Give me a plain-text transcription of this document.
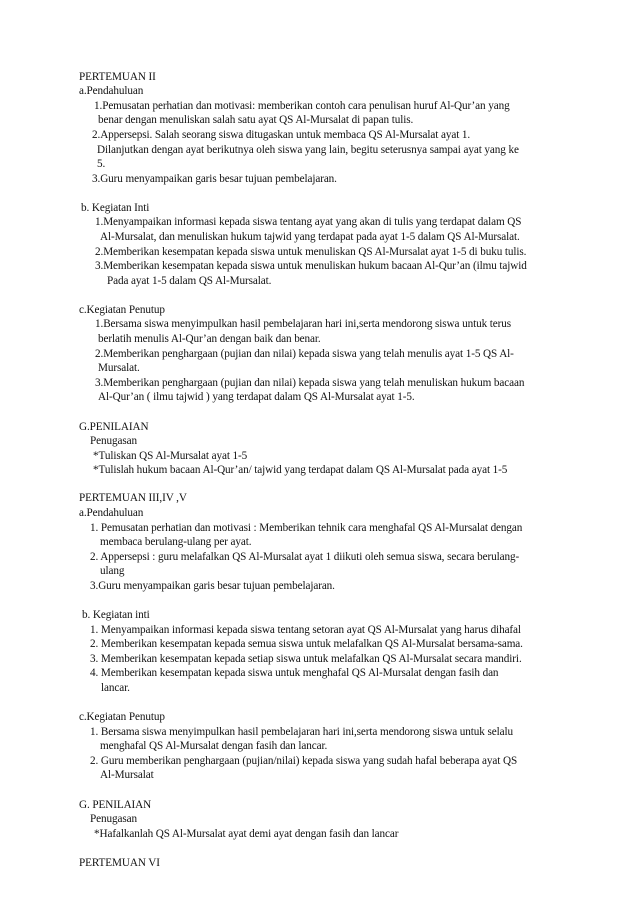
PERTEMUAN II
a.Pendahuluan
1.Pemusatan perhatian dan motivasi: memberikan contoh cara penulisan huruf Al-Qur’an yang
benar dengan menuliskan salah satu ayat QS Al-Mursalat di papan tulis.
2.Appersepsi. Salah seorang siswa ditugaskan untuk membaca QS Al-Mursalat ayat 1.
Dilanjutkan dengan ayat berikutnya oleh siswa yang lain, begitu seterusnya sampai ayat yang ke
5.
3.Guru menyampaikan garis besar tujuan pembelajaran.
b. Kegiatan Inti
1.Menyampaikan informasi kepada siswa tentang ayat yang akan di tulis yang terdapat dalam QS
Al-Mursalat, dan menuliskan hukum tajwid yang terdapat pada ayat 1-5 dalam QS Al-Mursalat.
2.Memberikan kesempatan kepada siswa untuk menuliskan QS Al-Mursalat ayat 1-5 di buku tulis.
3.Memberikan kesempatan kepada siswa untuk menuliskan hukum bacaan Al-Qur’an (ilmu tajwid
Pada ayat 1-5 dalam QS Al-Mursalat.
c.Kegiatan Penutup
1.Bersama siswa menyimpulkan hasil pembelajaran hari ini,serta mendorong siswa untuk terus
berlatih menulis Al-Qur’an dengan baik dan benar.
2.Memberikan penghargaan (pujian dan nilai) kepada siswa yang telah menulis ayat 1-5 QS Al-
Mursalat.
3.Memberikan penghargaan (pujian dan nilai) kepada siswa yang telah menuliskan hukum bacaan
Al-Qur’an ( ilmu tajwid ) yang terdapat dalam QS Al-Mursalat ayat 1-5.
G.PENILAIAN
Penugasan
*Tuliskan QS Al-Mursalat ayat 1-5
*Tulislah hukum bacaan Al-Qur’an/ tajwid yang terdapat dalam QS Al-Mursalat pada ayat 1-5
PERTEMUAN III,IV ,V
a.Pendahuluan
1. Pemusatan perhatian dan motivasi : Memberikan tehnik cara menghafal QS Al-Mursalat dengan
membaca berulang-ulang per ayat.
2. Appersepsi : guru melafalkan QS Al-Mursalat ayat 1 diikuti oleh semua siswa, secara berulang-
ulang
3.Guru menyampaikan garis besar tujuan pembelajaran.
b. Kegiatan inti
1. Menyampaikan informasi kepada siswa tentang setoran ayat QS Al-Mursalat yang harus dihafal
2. Memberikan kesempatan kepada semua siswa untuk melafalkan QS Al-Mursalat bersama-sama.
3. Memberikan kesempatan kepada setiap siswa untuk melafalkan QS Al-Mursalat secara mandiri.
4. Memberikan kesempatan kepada siswa untuk menghafal QS Al-Mursalat dengan fasih dan
lancar.
c.Kegiatan Penutup
1. Bersama siswa menyimpulkan hasil pembelajaran hari ini,serta mendorong siswa untuk selalu
menghafal QS Al-Mursalat dengan fasih dan lancar.
2. Guru memberikan penghargaan (pujian/nilai) kepada siswa yang sudah hafal beberapa ayat QS
Al-Mursalat
G. PENILAIAN
Penugasan
*Hafalkanlah QS Al-Mursalat ayat demi ayat dengan fasih dan lancar
PERTEMUAN VI
